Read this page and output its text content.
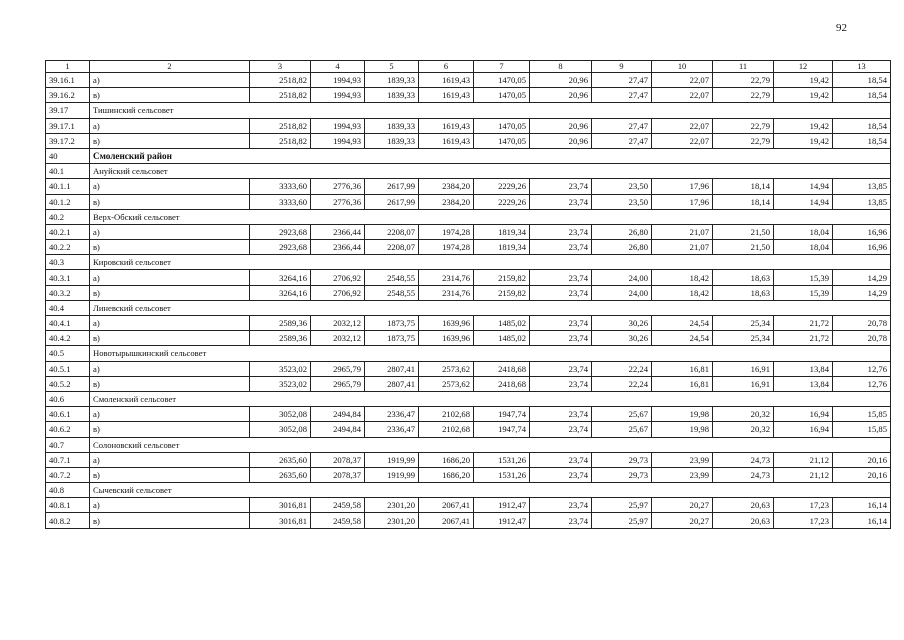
92
1	2	3	4	5	6	7	8	9	10	11	12	13
39.16.1	а)	2518,82	1994,93	1839,33	1619,43	1470,05	20,96	27,47	22,07	22,79	19,42	18,54
39.16.2	в)	2518,82	1994,93	1839,33	1619,43	1470,05	20,96	27,47	22,07	22,79	19,42	18,54
39.17	Тишинский сельсовет											
39.17.1	а)	2518,82	1994,93	1839,33	1619,43	1470,05	20,96	27,47	22,07	22,79	19,42	18,54
39.17.2	в)	2518,82	1994,93	1839,33	1619,43	1470,05	20,96	27,47	22,07	22,79	19,42	18,54
40	Смоленский район											
40.1	Ануйский сельсовет											
40.1.1	а)	3333,60	2776,36	2617,99	2384,20	2229,26	23,74	23,50	17,96	18,14	14,94	13,85
40.1.2	в)	3333,60	2776,36	2617,99	2384,20	2229,26	23,74	23,50	17,96	18,14	14,94	13,85
40.2	Верх-Обский сельсовет											
40.2.1	а)	2923,68	2366,44	2208,07	1974,28	1819,34	23,74	26,80	21,07	21,50	18,04	16,96
40.2.2	в)	2923,68	2366,44	2208,07	1974,28	1819,34	23,74	26,80	21,07	21,50	18,04	16,96
40.3	Кировский сельсовет											
40.3.1	а)	3264,16	2706,92	2548,55	2314,76	2159,82	23,74	24,00	18,42	18,63	15,39	14,29
40.3.2	в)	3264,16	2706,92	2548,55	2314,76	2159,82	23,74	24,00	18,42	18,63	15,39	14,29
40.4	Линевский сельсовет											
40.4.1	а)	2589,36	2032,12	1873,75	1639,96	1485,02	23,74	30,26	24,54	25,34	21,72	20,78
40.4.2	в)	2589,36	2032,12	1873,75	1639,96	1485,02	23,74	30,26	24,54	25,34	21,72	20,78
40.5	Новотырышкинский сельсовет											
40.5.1	а)	3523,02	2965,79	2807,41	2573,62	2418,68	23,74	22,24	16,81	16,91	13,84	12,76
40.5.2	в)	3523,02	2965,79	2807,41	2573,62	2418,68	23,74	22,24	16,81	16,91	13,84	12,76
40.6	Смоленский сельсовет											
40.6.1	а)	3052,08	2494,84	2336,47	2102,68	1947,74	23,74	25,67	19,98	20,32	16,94	15,85
40.6.2	в)	3052,08	2494,84	2336,47	2102,68	1947,74	23,74	25,67	19,98	20,32	16,94	15,85
40.7	Солоновский сельсовет											
40.7.1	а)	2635,60	2078,37	1919,99	1686,20	1531,26	23,74	29,73	23,99	24,73	21,12	20,16
40.7.2	в)	2635,60	2078,37	1919,99	1686,20	1531,26	23,74	29,73	23,99	24,73	21,12	20,16
40.8	Сычевский сельсовет											
40.8.1	а)	3016,81	2459,58	2301,20	2067,41	1912,47	23,74	25,97	20,27	20,63	17,23	16,14
40.8.2	в)	3016,81	2459,58	2301,20	2067,41	1912,47	23,74	25,97	20,27	20,63	17,23	16,14
